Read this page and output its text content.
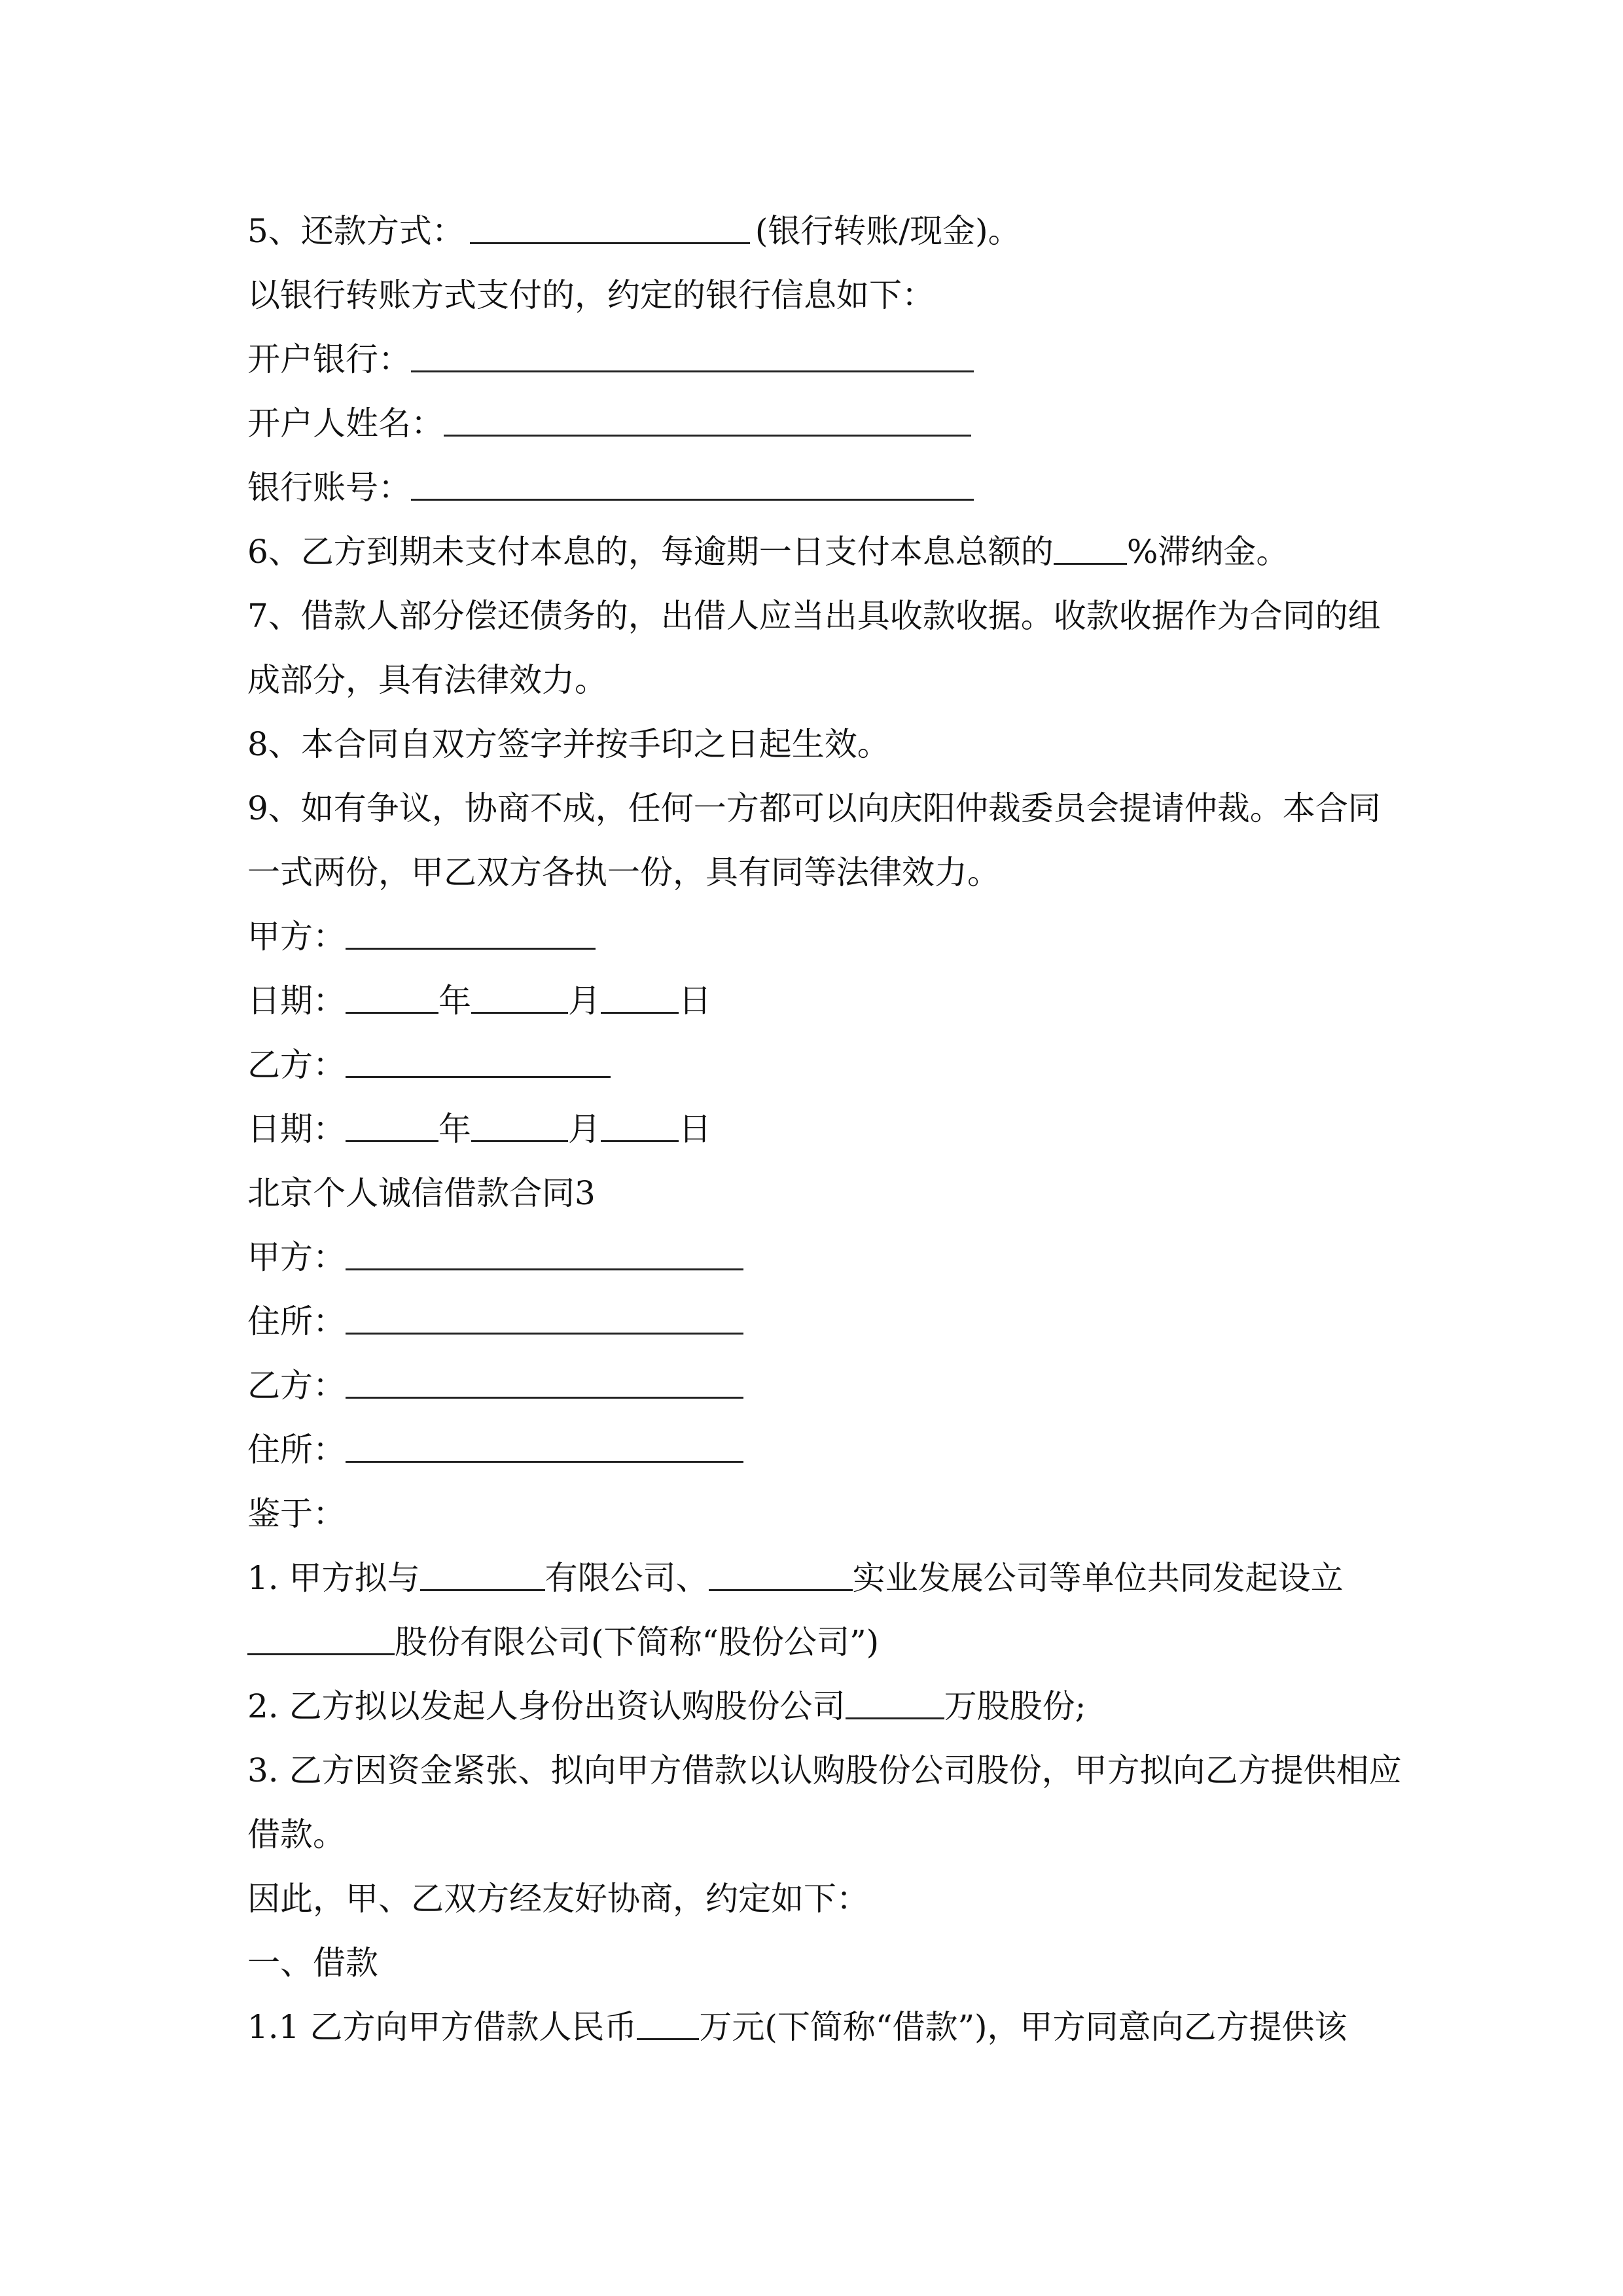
5、还款方式：	(银行转账/现金)。
以银行转账方式支付的，约定的银行信息如下：
开户银行：
开户人姓名：
银行账号：
6、乙方到期未支付本息的，每逾期一日支付本息总额的 %滞纳金。
7、借款人部分偿还债务的，出借人应当出具收款收据。收款收据作为合同的组
成部分，具有法律效力。
8、本合同自双方签字并按手印之日起生效。
9、如有争议，协商不成，任何一方都可以向庆阳仲裁委员会提请仲裁。本合同
一式两份，甲乙双方各执一份，具有同等法律效力。
甲方：
日期：	年	月 日
乙方：
日期：	年	月 日
北京个人诚信借款合同3
甲方：
住所：
乙方：
住所：
鉴于：
1. 甲方拟与	有限公司、	实业发展公司等单位共同发起设立
股份有限公司(下简称“股份公司”)
2. 乙方拟以发起人身份出资认购股份公司	万股股份;
3. 乙方因资金紧张、拟向甲方借款以认购股份公司股份，甲方拟向乙方提供相应
借款。
因此，甲、乙双方经友好协商，约定如下：
一、借款
1.1 乙方向甲方借款人民币 万元(下简称“借款”)，甲方同意向乙方提供该
